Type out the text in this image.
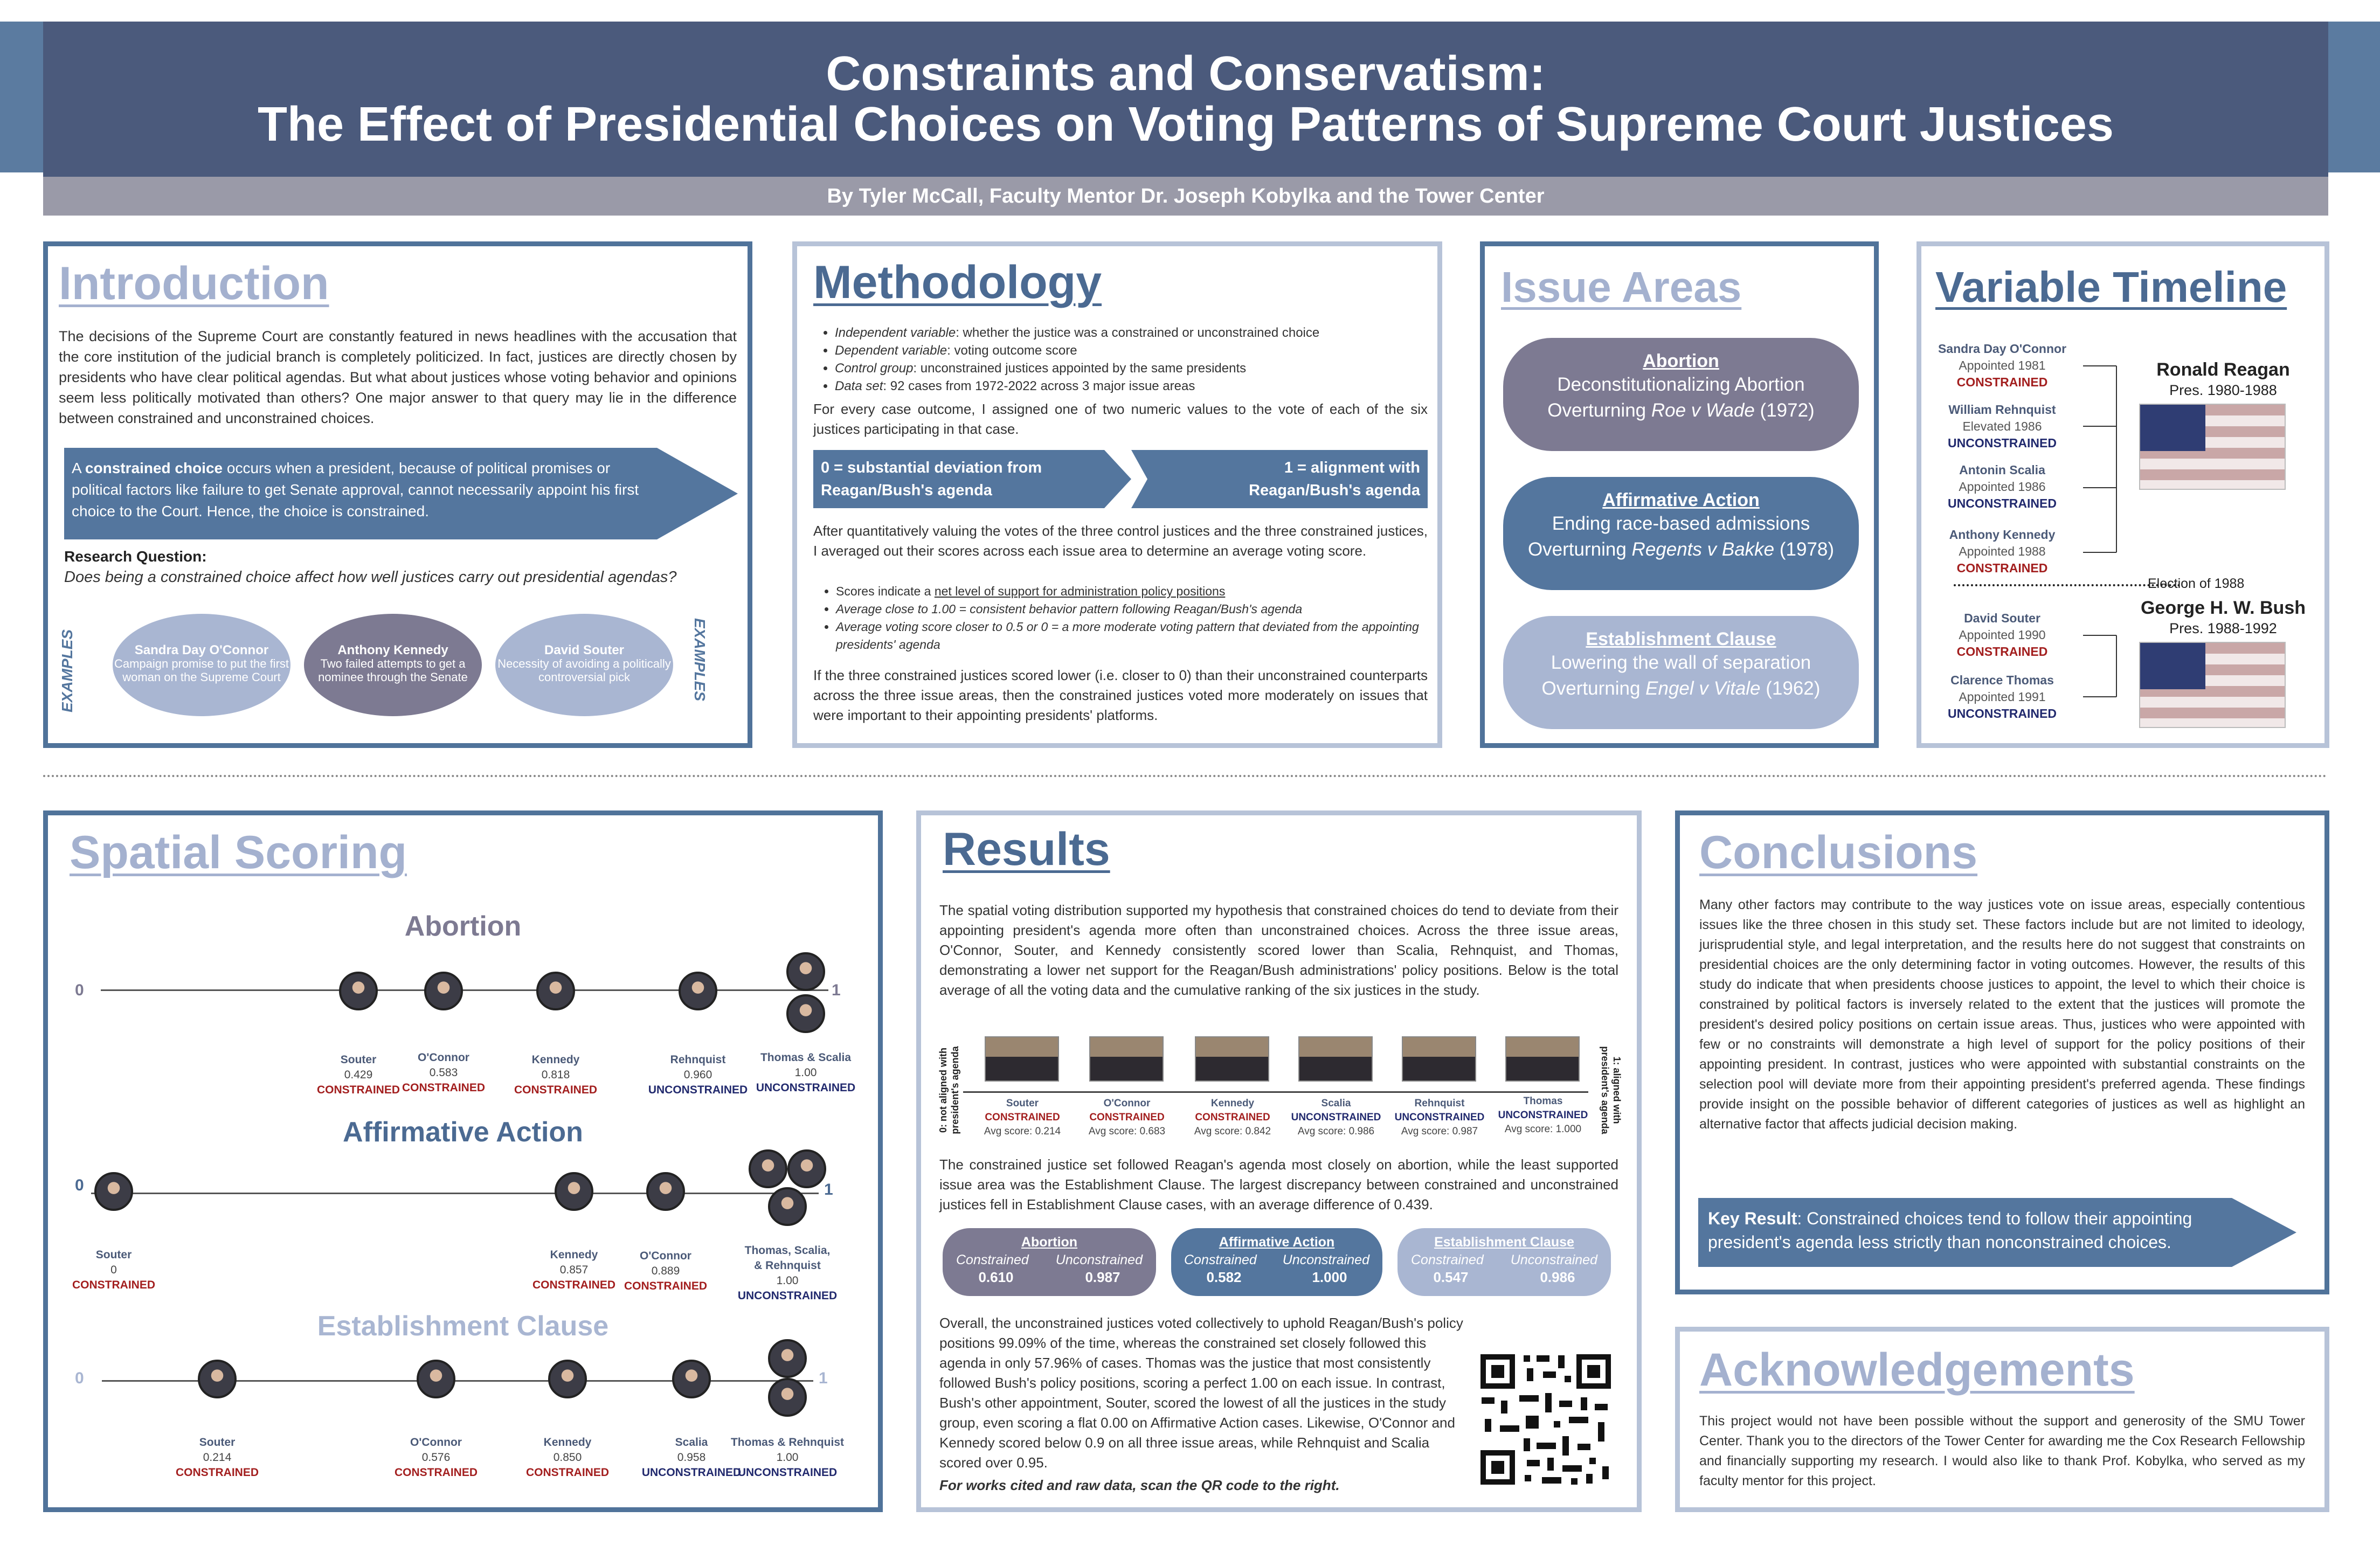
Constraints and Conservatism:
The Effect of Presidential Choices on Voting Patterns of Supreme Court Justices
By Tyler McCall, Faculty Mentor Dr. Joseph Kobylka and the Tower Center
Introduction
The decisions of the Supreme Court are constantly featured in news headlines with the accusation that the core institution of the judicial branch is completely politicized. In fact, justices are directly chosen by presidents who have clear political agendas. But what about justices whose voting behavior and opinions seem less politically motivated than others? One major answer to that query may lie in the difference between constrained and unconstrained choices.
A constrained choice occurs when a president, because of political promises or political factors like failure to get Senate approval, cannot necessarily appoint his first choice to the Court. Hence, the choice is constrained.
Research Question:
Does being a constrained choice affect how well justices carry out presidential agendas?
EXAMPLES	EXAMPLES
Sandra Day O'Connor
Campaign promise to put the first woman on the Supreme Court
Anthony Kennedy
Two failed attempts to get a nominee through the Senate
David Souter
Necessity of avoiding a politically controversial pick
Methodology
• Independent variable: whether the justice was a constrained or unconstrained choice
• Dependent variable: voting outcome score
• Control group: unconstrained justices appointed by the same presidents
• Data set: 92 cases from 1972-2022 across 3 major issue areas
For every case outcome, I assigned one of two numeric values to the vote of each of the six justices participating in that case.
0 = substantial deviation from Reagan/Bush's agenda
1 = alignment with Reagan/Bush's agenda
After quantitatively valuing the votes of the three control justices and the three constrained justices, I averaged out their scores across each issue area to determine an average voting score.
• Scores indicate a net level of support for administration policy positions
• Average close to 1.00 = consistent behavior pattern following Reagan/Bush's agenda
• Average voting score closer to 0.5 or 0 = a more moderate voting pattern that deviated from the appointing presidents' agenda
If the three constrained justices scored lower (i.e. closer to 0) than their unconstrained counterparts across the three issue areas, then the constrained justices voted more moderately on issues that were important to their appointing presidents' platforms.
Issue Areas
Abortion
Deconstitutionalizing Abortion
Overturning Roe v Wade (1972)
Affirmative Action
Ending race-based admissions
Overturning Regents v Bakke (1978)
Establishment Clause
Lowering the wall of separation
Overturning Engel v Vitale (1962)
Variable Timeline
Sandra Day O'Connor
Appointed 1981
CONSTRAINED
William Rehnquist
Elevated 1986
UNCONSTRAINED
Antonin Scalia
Appointed 1986
UNCONSTRAINED
Anthony Kennedy
Appointed 1988
CONSTRAINED
David Souter
Appointed 1990
CONSTRAINED
Clarence Thomas
Appointed 1991
UNCONSTRAINED
Election of 1988
Ronald Reagan
Pres. 1980-1988
George H. W. Bush
Pres. 1988-1992
Spatial Scoring
Abortion
0	1
Souter
0.429
CONSTRAINED
O'Connor
0.583
CONSTRAINED
Kennedy
0.818
CONSTRAINED
Rehnquist
0.960
UNCONSTRAINED
Thomas & Scalia
1.00
UNCONSTRAINED
Affirmative Action
0	1
Souter
0
CONSTRAINED
Kennedy
0.857
CONSTRAINED
O'Connor
0.889
CONSTRAINED
Thomas, Scalia, & Rehnquist
1.00
UNCONSTRAINED
Establishment Clause
0	1
Souter
0.214
CONSTRAINED
O'Connor
0.576
CONSTRAINED
Kennedy
0.850
CONSTRAINED
Scalia
0.958
UNCONSTRAINED
Thomas & Rehnquist
1.00
UNCONSTRAINED
Results
The spatial voting distribution supported my hypothesis that constrained choices do tend to deviate from their appointing president's agenda more often than unconstrained choices. Across the three issue areas, O'Connor, Souter, and Kennedy consistently scored lower than Scalia, Rehnquist, and Thomas, demonstrating a lower net support for the Reagan/Bush administrations' policy positions. Below is the total average of all the voting data and the cumulative ranking of the six justices in the study.
0: not aligned with president's agenda	1: aligned with president's agenda
Souter
CONSTRAINED
Avg score: 0.214
O'Connor
CONSTRAINED
Avg score: 0.683
Kennedy
CONSTRAINED
Avg score: 0.842
Scalia
UNCONSTRAINED
Avg score: 0.986
Rehnquist
UNCONSTRAINED
Avg score: 0.987
Thomas
UNCONSTRAINED
Avg score: 1.000
The constrained justice set followed Reagan's agenda most closely on abortion, while the least supported issue area was the Establishment Clause. The largest discrepancy between constrained and unconstrained justices fell in Establishment Clause cases, with an average difference of 0.439.
Abortion
Constrained Unconstrained
0.610	0.987
Affirmative Action
Constrained Unconstrained
0.582	1.000
Establishment Clause
Constrained Unconstrained
0.547	0.986
Overall, the unconstrained justices voted collectively to uphold Reagan/Bush's policy positions 99.09% of the time, whereas the constrained set closely followed this agenda in only 57.96% of cases. Thomas was the justice that most consistently followed Bush's policy positions, scoring a perfect 1.00 on each issue. In contrast, Bush's other appointment, Souter, scored the lowest of all the justices in the study group, even scoring a flat 0.00 on Affirmative Action cases. Likewise, O'Connor and Kennedy scored below 0.9 on all three issue areas, while Rehnquist and Scalia scored over 0.95.
For works cited and raw data, scan the QR code to the right.
Conclusions
Many other factors may contribute to the way justices vote on issue areas, especially contentious issues like the three chosen in this study set. These factors include but are not limited to ideology, jurisprudential style, and legal interpretation, and the results here do not suggest that constraints on presidential choices are the only determining factor in voting outcomes. However, the results of this study do indicate that when presidents choose justices to appoint, the level to which their choice is constrained by political factors is inversely related to the extent that the justices will promote the president's desired policy positions on certain issue areas. Thus, justices who were appointed with few or no constraints will demonstrate a high level of support for the policy positions of their appointing president. In contrast, justices who were appointed with substantial constraints on the selection pool will deviate more from their appointing president's preferred agenda. These findings provide insight on the possible behavior of different categories of justices as well as highlight an alternative factor that affects judicial decision making.
Key Result: Constrained choices tend to follow their appointing president's agenda less strictly than nonconstrained choices.
Acknowledgements
This project would not have been possible without the support and generosity of the SMU Tower Center. Thank you to the directors of the Tower Center for awarding me the Cox Research Fellowship and financially supporting my research. I would also like to thank Prof. Kobylka, who served as my faculty mentor for this project.
